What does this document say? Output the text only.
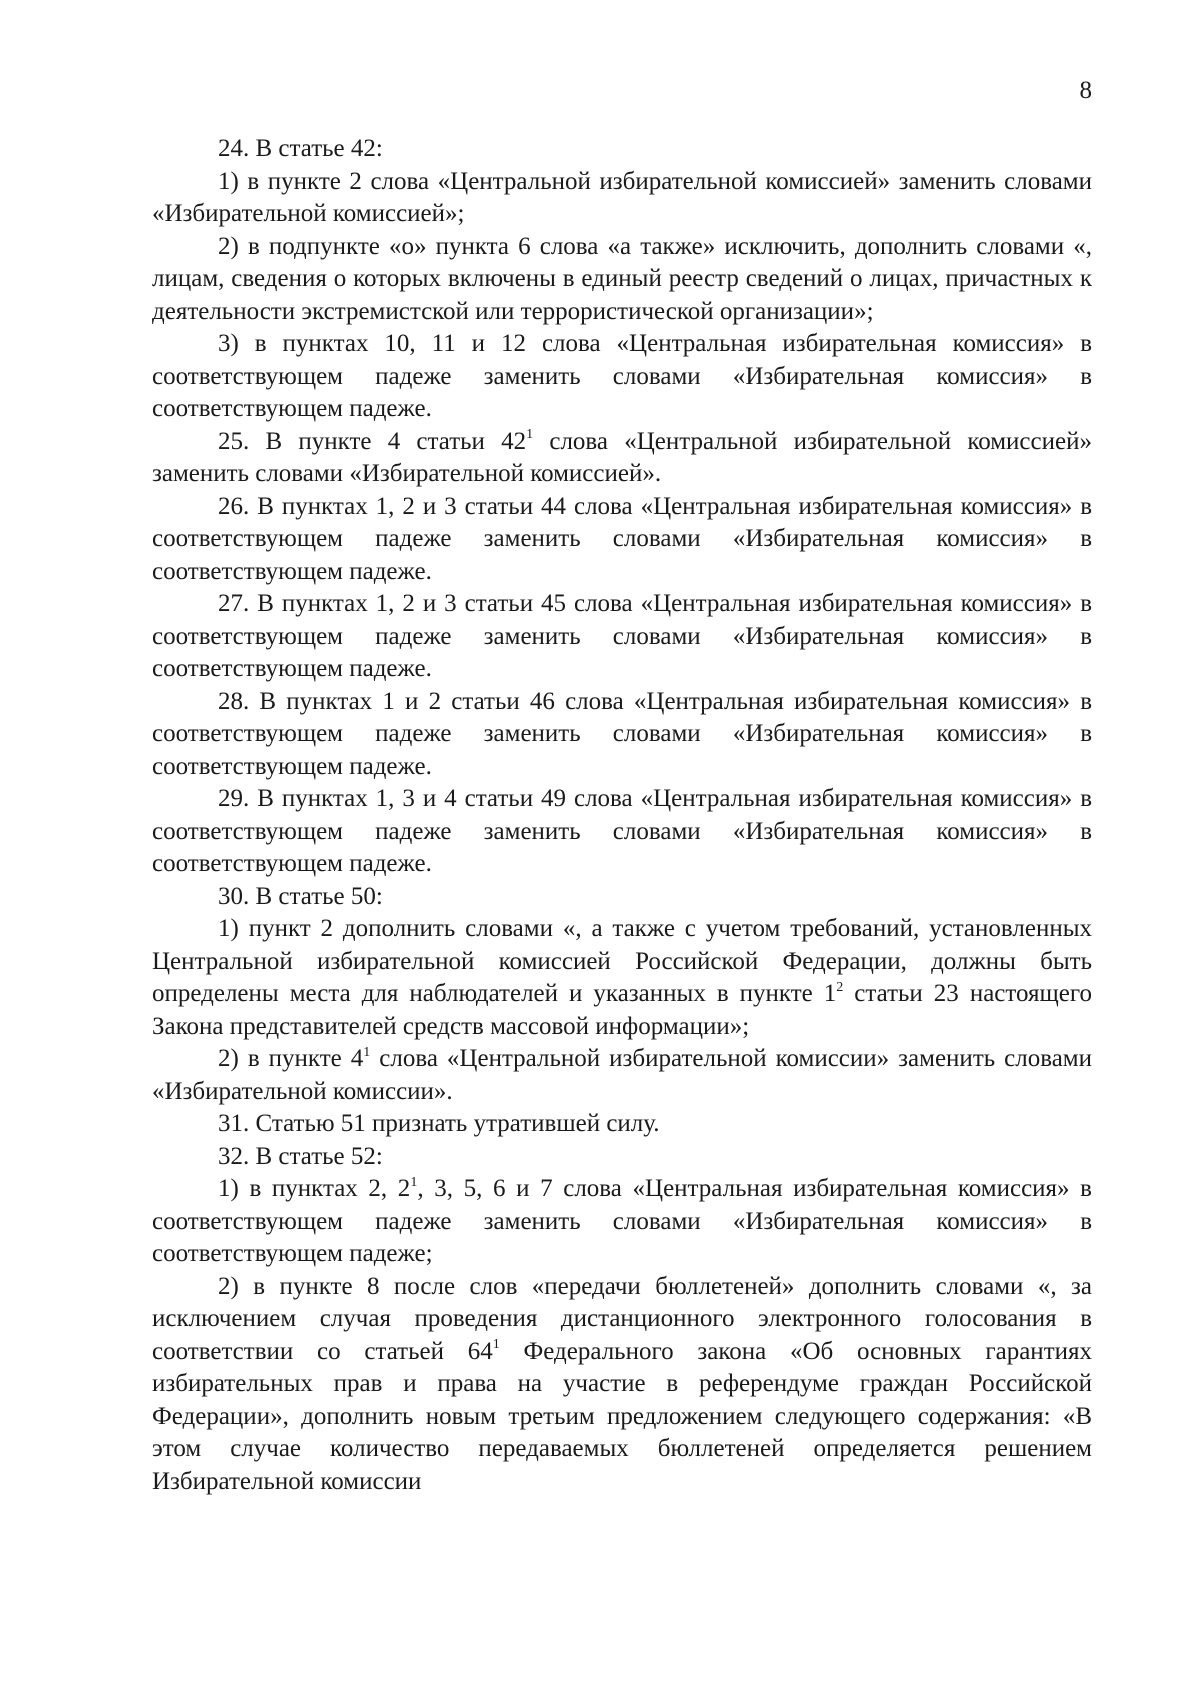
8

24. В статье 42:

1) в пункте 2 слова «Центральной избирательной комиссией» заменить словами «Избирательной комиссией»;

2) в подпункте «о» пункта 6 слова «а также» исключить, дополнить словами «, лицам, сведения о которых включены в единый реестр сведений о лицах, причастных к деятельности экстремистской или террористической организации»;

3) в пунктах 10, 11 и 12 слова «Центральная избирательная комиссия» в соответствующем падеже заменить словами «Избирательная комиссия» в соответствующем падеже.

25. В пункте 4 статьи $42^1$ слова «Центральной избирательной комиссией» заменить словами «Избирательной комиссией».

26. В пунктах 1, 2 и 3 статьи 44 слова «Центральная избирательная комиссия» в соответствующем падеже заменить словами «Избирательная комиссия» в соответствующем падеже.

27. В пунктах 1, 2 и 3 статьи 45 слова «Центральная избирательная комиссия» в соответствующем падеже заменить словами «Избирательная комиссия» в соответствующем падеже.

28. В пунктах 1 и 2 статьи 46 слова «Центральная избирательная комиссия» в соответствующем падеже заменить словами «Избирательная комиссия» в соответствующем падеже.

29. В пунктах 1, 3 и 4 статьи 49 слова «Центральная избирательная комиссия» в соответствующем падеже заменить словами «Избирательная комиссия» в соответствующем падеже.

30. В статье 50:

1) пункт 2 дополнить словами «, а также с учетом требований, установленных Центральной избирательной комиссией Российской Федерации, должны быть определены места для наблюдателей и указанных в пункте $1^2$ статьи 23 настоящего Закона представителей средств массовой информации»;

2) в пункте $4^1$ слова «Центральной избирательной комиссии» заменить словами «Избирательной комиссии».

31. Статью 51 признать утратившей силу.

32. В статье 52:

1) в пунктах 2, $2^1$, 3, 5, 6 и 7 слова «Центральная избирательная комиссия» в соответствующем падеже заменить словами «Избирательная комиссия» в соответствующем падеже;

2) в пункте 8 после слов «передачи бюллетеней» дополнить словами «, за исключением случая проведения дистанционного электронного голосования в соответствии со статьей $64^1$ Федерального закона «Об основных гарантиях избирательных прав и права на участие в референдуме граждан Российской Федерации», дополнить новым третьим предложением следующего содержания: «В этом случае количество передаваемых бюллетеней определяется решением Избирательной комиссии
